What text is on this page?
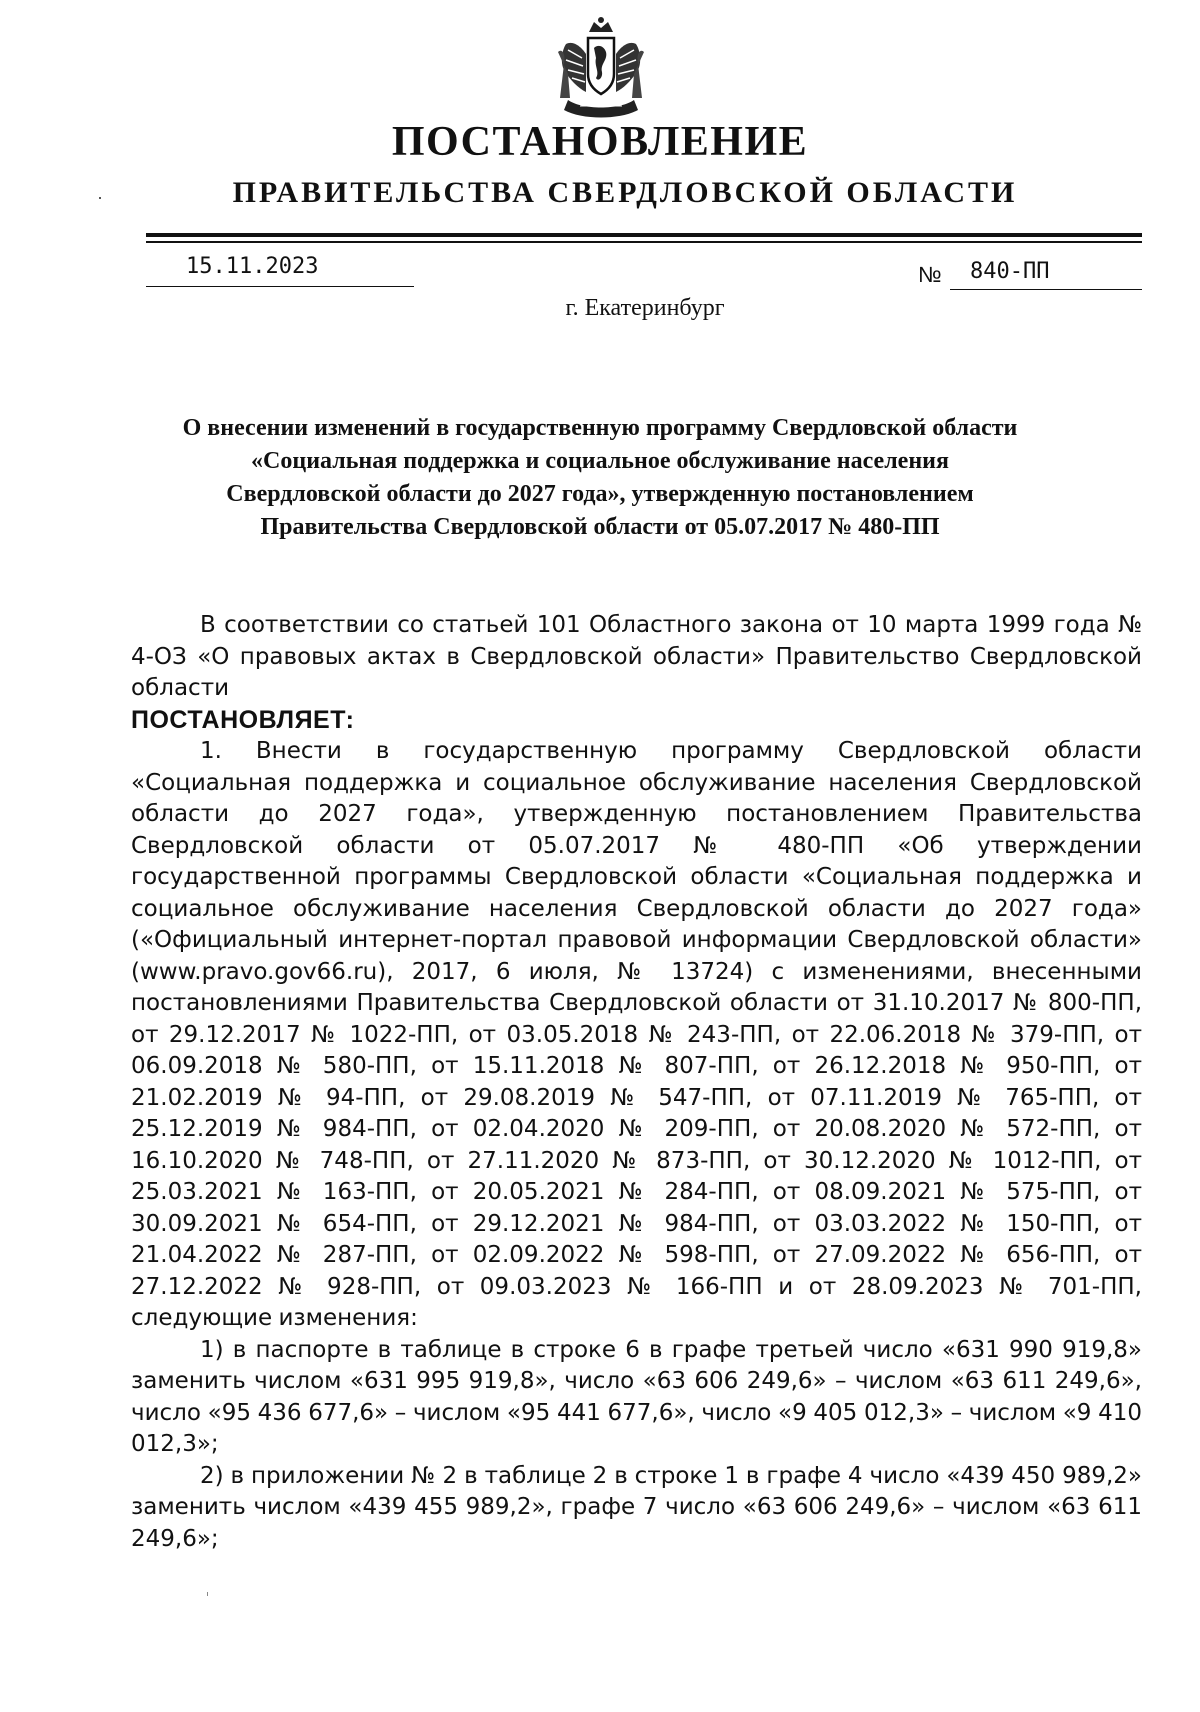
ПОСТАНОВЛЕНИЕ
ПРАВИТЕЛЬСТВА СВЕРДЛОВСКОЙ ОБЛАСТИ
15.11.2023	№ 840-ПП
г. Екатеринбург
О внесении изменений в государственную программу Свердловской области
«Социальная поддержка и социальное обслуживание населения
Свердловской области до 2027 года», утвержденную постановлением
Правительства Свердловской области от 05.07.2017 № 480-ПП

В соответствии со статьей 101 Областного закона от 10 марта 1999 года № 4-ОЗ «О правовых актах в Свердловской области» Правительство Свердловской области

ПОСТАНОВЛЯЕТ:

1. Внести в государственную программу Свердловской области «Социальная поддержка и социальное обслуживание населения Свердловской области до 2027 года», утвержденную постановлением Правительства Свердловской области от 05.07.2017 № 480-ПП «Об утверждении государственной программы Свердловской области «Социальная поддержка и социальное обслуживание населения Свердловской области до 2027 года» («Официальный интернет-портал правовой информации Свердловской области» (www.pravo.gov66.ru), 2017, 6 июля, № 13724) с изменениями, внесенными постановлениями Правительства Свердловской области от 31.10.2017 № 800-ПП, от 29.12.2017 № 1022-ПП, от 03.05.2018 № 243-ПП, от 22.06.2018 № 379-ПП, от 06.09.2018 № 580-ПП, от 15.11.2018 № 807-ПП, от 26.12.2018 № 950-ПП, от 21.02.2019 № 94-ПП, от 29.08.2019 № 547-ПП, от 07.11.2019 № 765-ПП, от 25.12.2019 № 984-ПП, от 02.04.2020 № 209-ПП, от 20.08.2020 № 572-ПП, от 16.10.2020 № 748-ПП, от 27.11.2020 № 873-ПП, от 30.12.2020 № 1012-ПП, от 25.03.2021 № 163-ПП, от 20.05.2021 № 284-ПП, от 08.09.2021 № 575-ПП, от 30.09.2021 № 654-ПП, от 29.12.2021 № 984-ПП, от 03.03.2022 № 150-ПП, от 21.04.2022 № 287-ПП, от 02.09.2022 № 598-ПП, от 27.09.2022 № 656-ПП, от 27.12.2022 № 928-ПП, от 09.03.2023 № 166-ПП и от 28.09.2023 № 701-ПП, следующие изменения:

1) в паспорте в таблице в строке 6 в графе третьей число «631 990 919,8» заменить числом «631 995 919,8», число «63 606 249,6» – числом «63 611 249,6», число «95 436 677,6» – числом «95 441 677,6», число «9 405 012,3» – числом «9 410 012,3»;

2) в приложении № 2 в таблице 2 в строке 1 в графе 4 число «439 450 989,2» заменить числом «439 455 989,2», графе 7 число «63 606 249,6» – числом «63 611 249,6»;
